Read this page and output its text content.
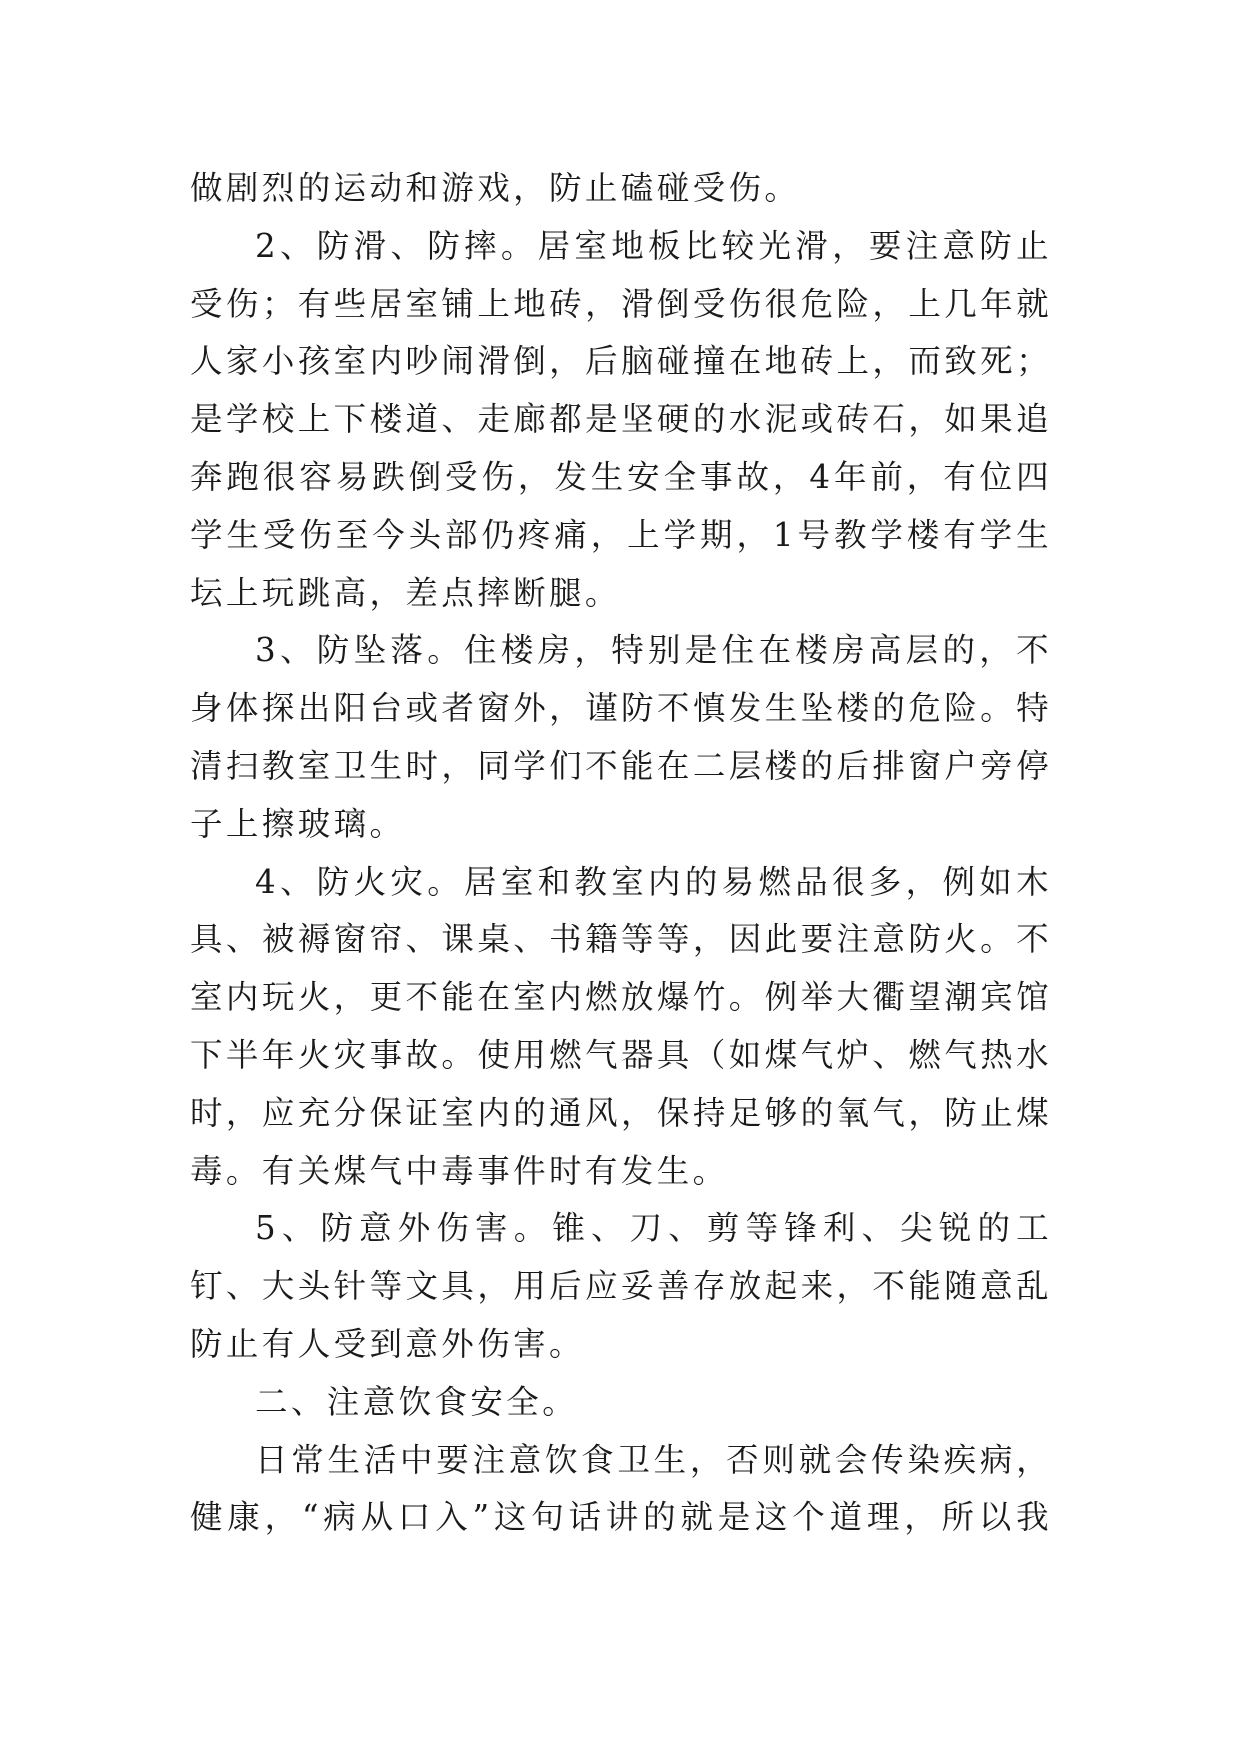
做剧烈的运动和游戏，防止磕碰受伤。
2、防滑、防摔。居室地板比较光滑，要注意防止
受伤；有些居室铺上地砖，滑倒受伤很危险，上几年就
人家小孩室内吵闹滑倒，后脑碰撞在地砖上，而致死；
是学校上下楼道、走廊都是坚硬的水泥或砖石，如果追
奔跑很容易跌倒受伤，发生安全事故，4年前，有位四
学生受伤至今头部仍疼痛，上学期，1号教学楼有学生
坛上玩跳高，差点摔断腿。
3、防坠落。住楼房，特别是住在楼房高层的，不
身体探出阳台或者窗外，谨防不慎发生坠楼的危险。特
清扫教室卫生时，同学们不能在二层楼的后排窗户旁停
子上擦玻璃。
4、防火灾。居室和教室内的易燃品很多，例如木
具、被褥窗帘、课桌、书籍等等，因此要注意防火。不
室内玩火，更不能在室内燃放爆竹。例举大衢望潮宾馆
下半年火灾事故。使用燃气器具（如煤气炉、燃气热水
时，应充分保证室内的通风，保持足够的氧气，防止煤
毒。有关煤气中毒事件时有发生。
5、防意外伤害。锥、刀、剪等锋利、尖锐的工
钉、大头针等文具，用后应妥善存放起来，不能随意乱
防止有人受到意外伤害。
二、注意饮食安全。
日常生活中要注意饮食卫生，否则就会传染疾病，
健康，“病从口入”这句话讲的就是这个道理，所以我
